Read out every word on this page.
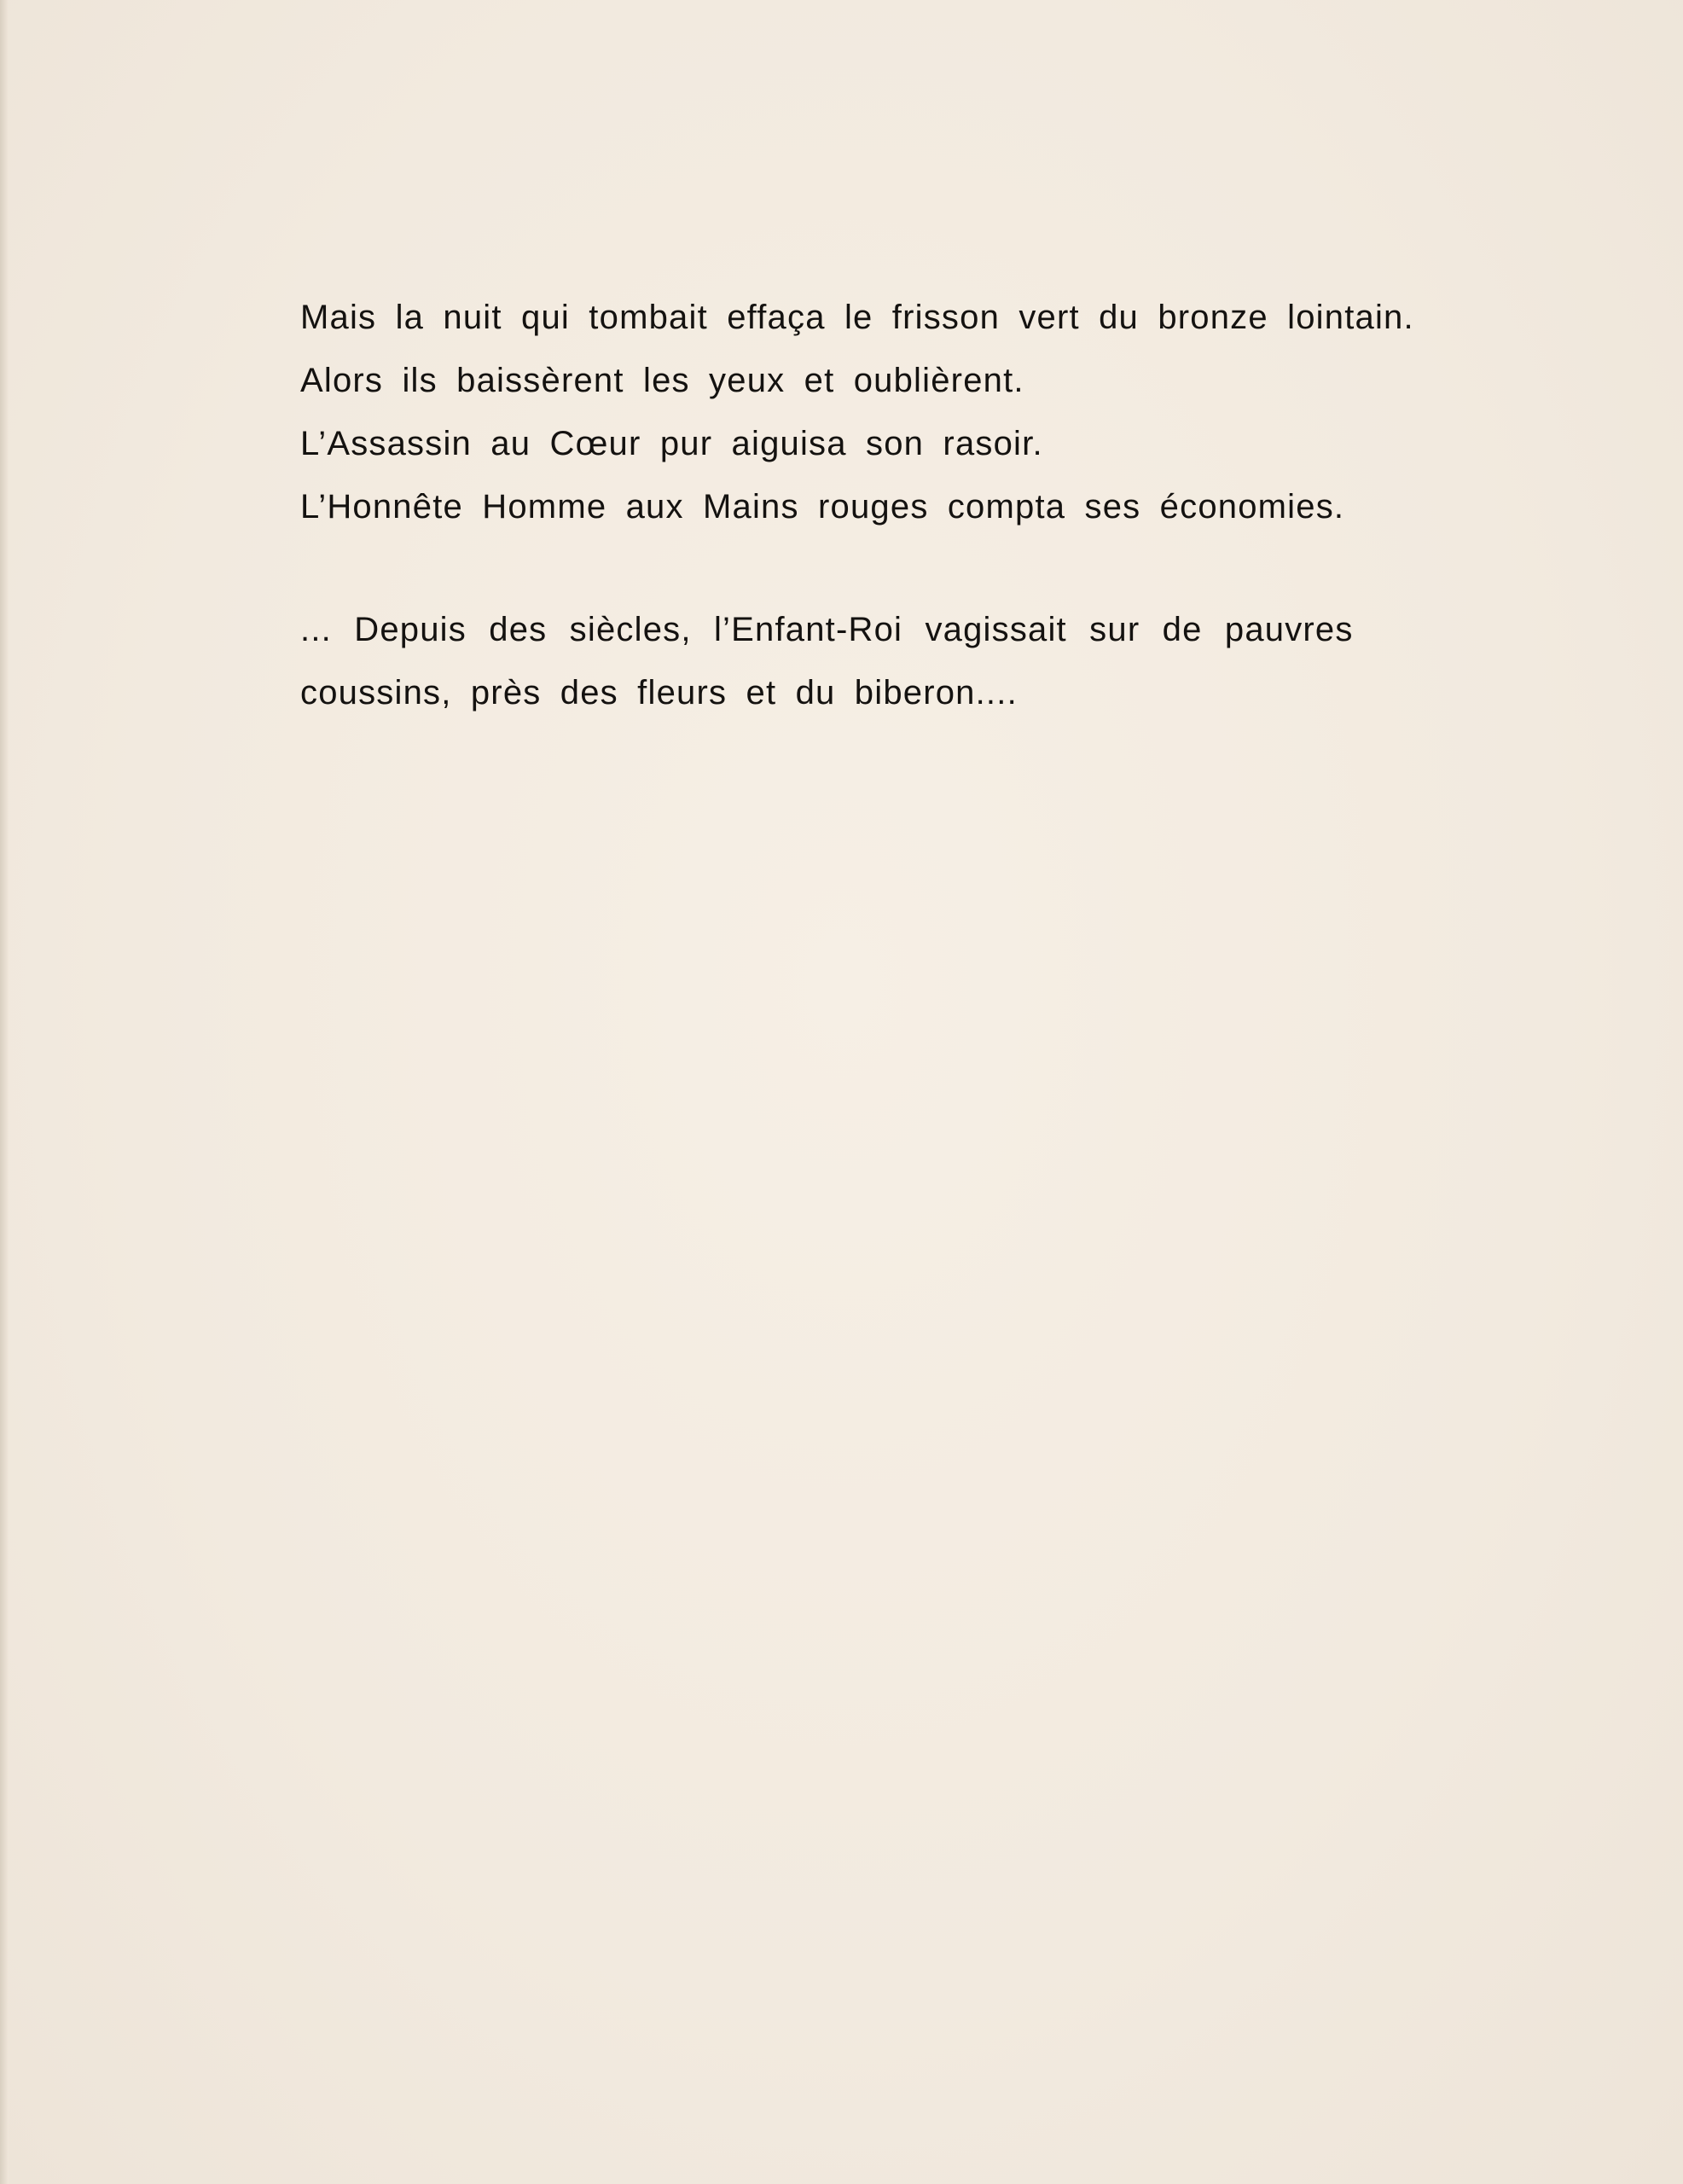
Mais la nuit qui tombait effaça le frisson vert du bronze lointain.
Alors ils baissèrent les yeux et oublièrent.
L’Assassin au Cœur pur aiguisa son rasoir.
L’Honnête Homme aux Mains rouges compta ses économies.
... Depuis des siècles, l’Enfant-Roi vagissait sur de pauvres
coussins, près des fleurs et du biberon....
